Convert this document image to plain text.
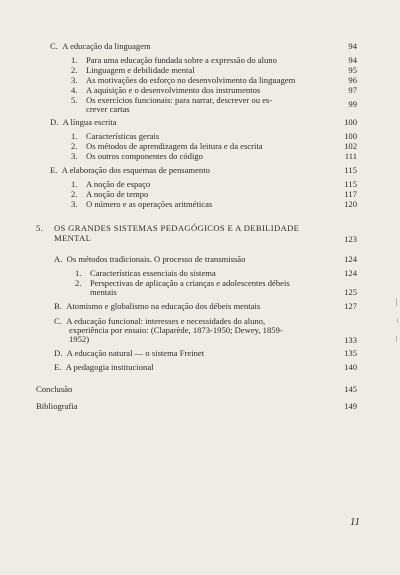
C. A educação da linguagem	94
1. Para uma educação fundada sobre a expressão do aluno	94
2. Linguagem e debilidade mental	95
3. As motivações do esforço no desenvolvimento da linguagem	96
4. A aquisição e o desenvolvimento dos instrumentos	97
5. Os exercícios funcionais: para narrar, descrever ou es-
crever cartas	99
D. A língua escrita	100
1. Características gerais	100
2. Os métodos de aprendizagem da leitura e da escrita	102
3. Os outros componentes do código	111
E. A elaboração dos esquemas de pensamento	115
1. A noção de espaço	115
2. A noção de tempo	117
3. O número e as operações aritméticas	120
5. OS GRANDES SISTEMAS PEDAGÓGICOS E A DEBILIDADE
MENTAL	123
A. Os métodos tradicionais. O processo de transmissão	124
1. Características essenciais do sistema	124
2. Perspectivas de aplicação a crianças e adolescentes débeis
mentais	125
B. Atomismo e globalismo na educação dos débeis mentais	127
C. A educação funcional: interesses e necessidades do aluno,
experiência por ensaio: (Claparède, 1873-1950; Dewey, 1859-
1952)	133
D. A educação natural — o sistema Freinet	135
E. A pedagogia institucional	140
Conclusão	145
Bibliografia	149
11
